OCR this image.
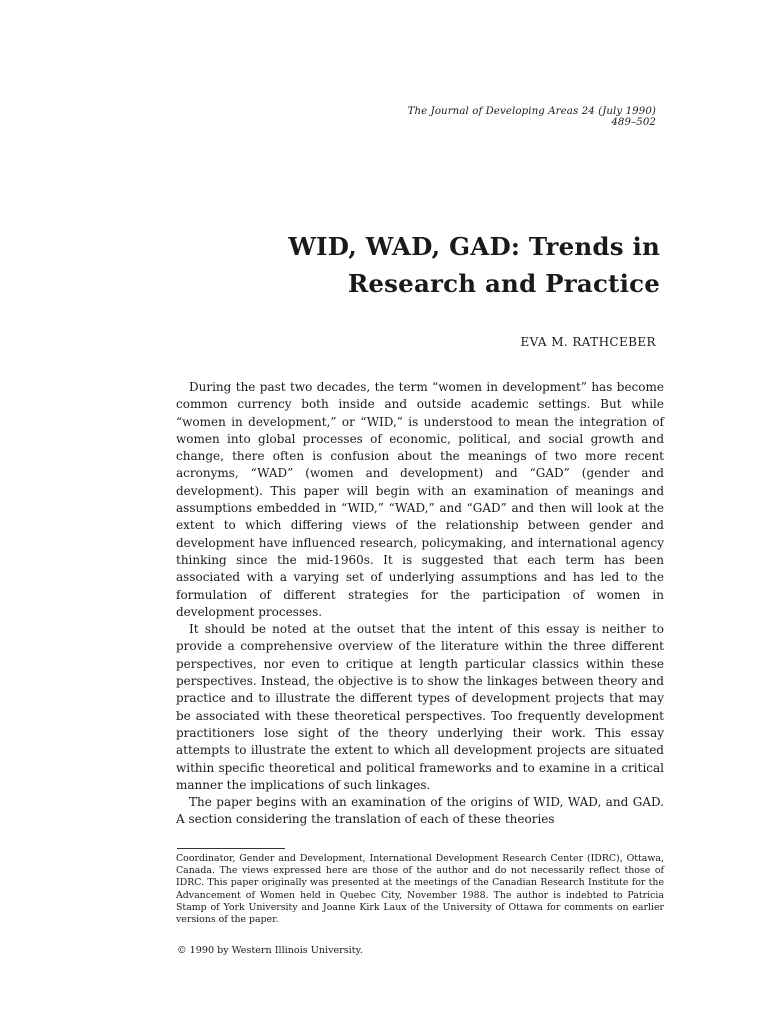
The Journal of Developing Areas 24 (July 1990) 489–502
WID, WAD, GAD: Trends in
Research and Practice
EVA M. RATHCEBER

During the past two decades, the term “women in development” has become common currency both inside and outside academic settings. But while “women in development,” or “WID,” is understood to mean the integration of women into global processes of economic, political, and social growth and change, there often is confusion about the meanings of two more recent acronyms, “WAD” (women and development) and “GAD” (gender and development). This paper will begin with an examination of meanings and assumptions embedded in “WID,” “WAD,” and “GAD” and then will look at the extent to which differing views of the relationship between gender and development have influenced research, policymaking, and international agency thinking since the mid-1960s. It is suggested that each term has been associated with a varying set of underlying assumptions and has led to the formulation of different strategies for the participation of women in development processes.

It should be noted at the outset that the intent of this essay is neither to provide a comprehensive overview of the literature within the three different perspectives, nor even to critique at length particular classics within these perspectives. Instead, the objective is to show the linkages between theory and practice and to illustrate the different types of development projects that may be associated with these theoretical perspectives. Too frequently development practitioners lose sight of the theory underlying their work. This essay attempts to illustrate the extent to which all development projects are situated within specific theoretical and political frameworks and to examine in a critical manner the implications of such linkages.

The paper begins with an examination of the origins of WID, WAD, and GAD. A section considering the translation of each of these theories

Coordinator, Gender and Development, International Development Research Center (IDRC), Ottawa, Canada. The views expressed here are those of the author and do not necessarily reflect those of IDRC. This paper originally was presented at the meetings of the Canadian Research Institute for the Advancement of Women held in Quebec City, November 1988. The author is indebted to Patricia Stamp of York University and Joanne Kirk Laux of the University of Ottawa for comments on earlier versions of the paper.

© 1990 by Western Illinois University.
